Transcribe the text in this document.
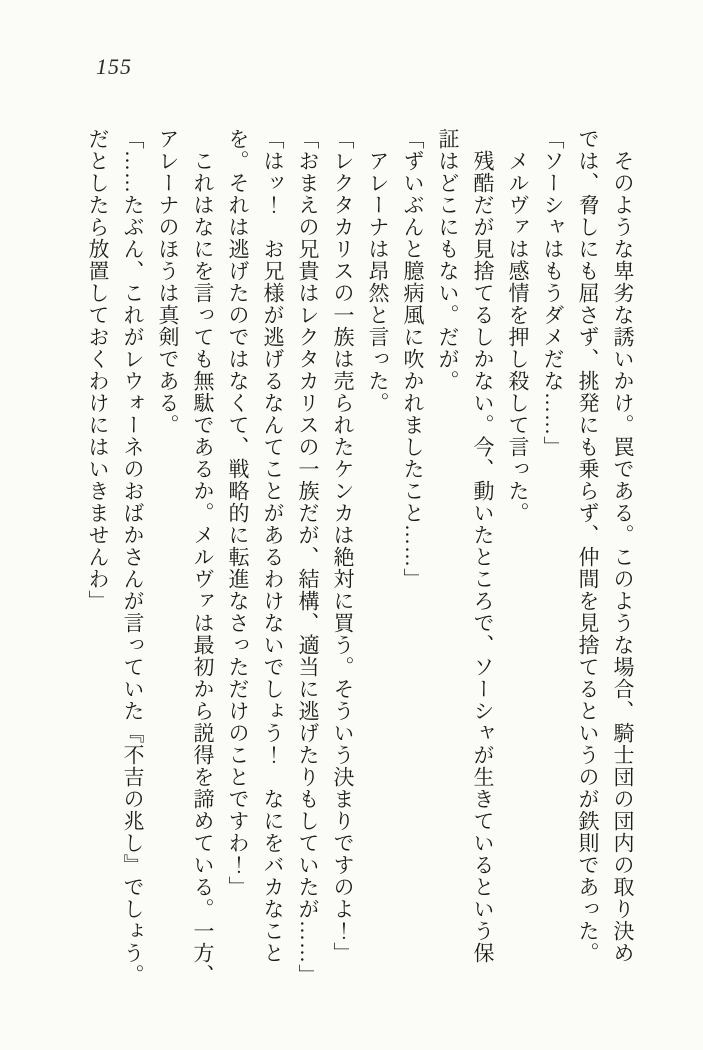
155
そのような卑劣な誘いかけ。罠である。このような場合、騎士団の団内の取り決め
では、脅しにも屈さず、挑発にも乗らず、仲間を見捨てるというのが鉄則であった。
「ソーシャはもうダメだな……」
メルヴァは感情を押し殺して言った。
残酷だが見捨てるしかない。今、動いたところで、ソーシャが生きているという保
証はどこにもない。だが。
「ずいぶんと臆病風に吹かれましたこと……」
アレーナは昂然と言った。
「レクタカリスの一族は売られたケンカは絶対に買う。そういう決まりですのよ！」
「おまえの兄貴はレクタカリスの一族だが、結構、適当に逃げたりもしていたが……」
「はッ！　お兄様が逃げるなんてことがあるわけないでしょう！　なにをバカなこと
を。それは逃げたのではなくて、戦略的に転進なさっただけのことですわ！」
これはなにを言っても無駄であるか。メルヴァは最初から説得を諦めている。一方、
アレーナのほうは真剣である。
「……たぶん、これがレウォーネのおばかさんが言っていた『不吉の兆し』でしょう。
だとしたら放置しておくわけにはいきませんわ」
